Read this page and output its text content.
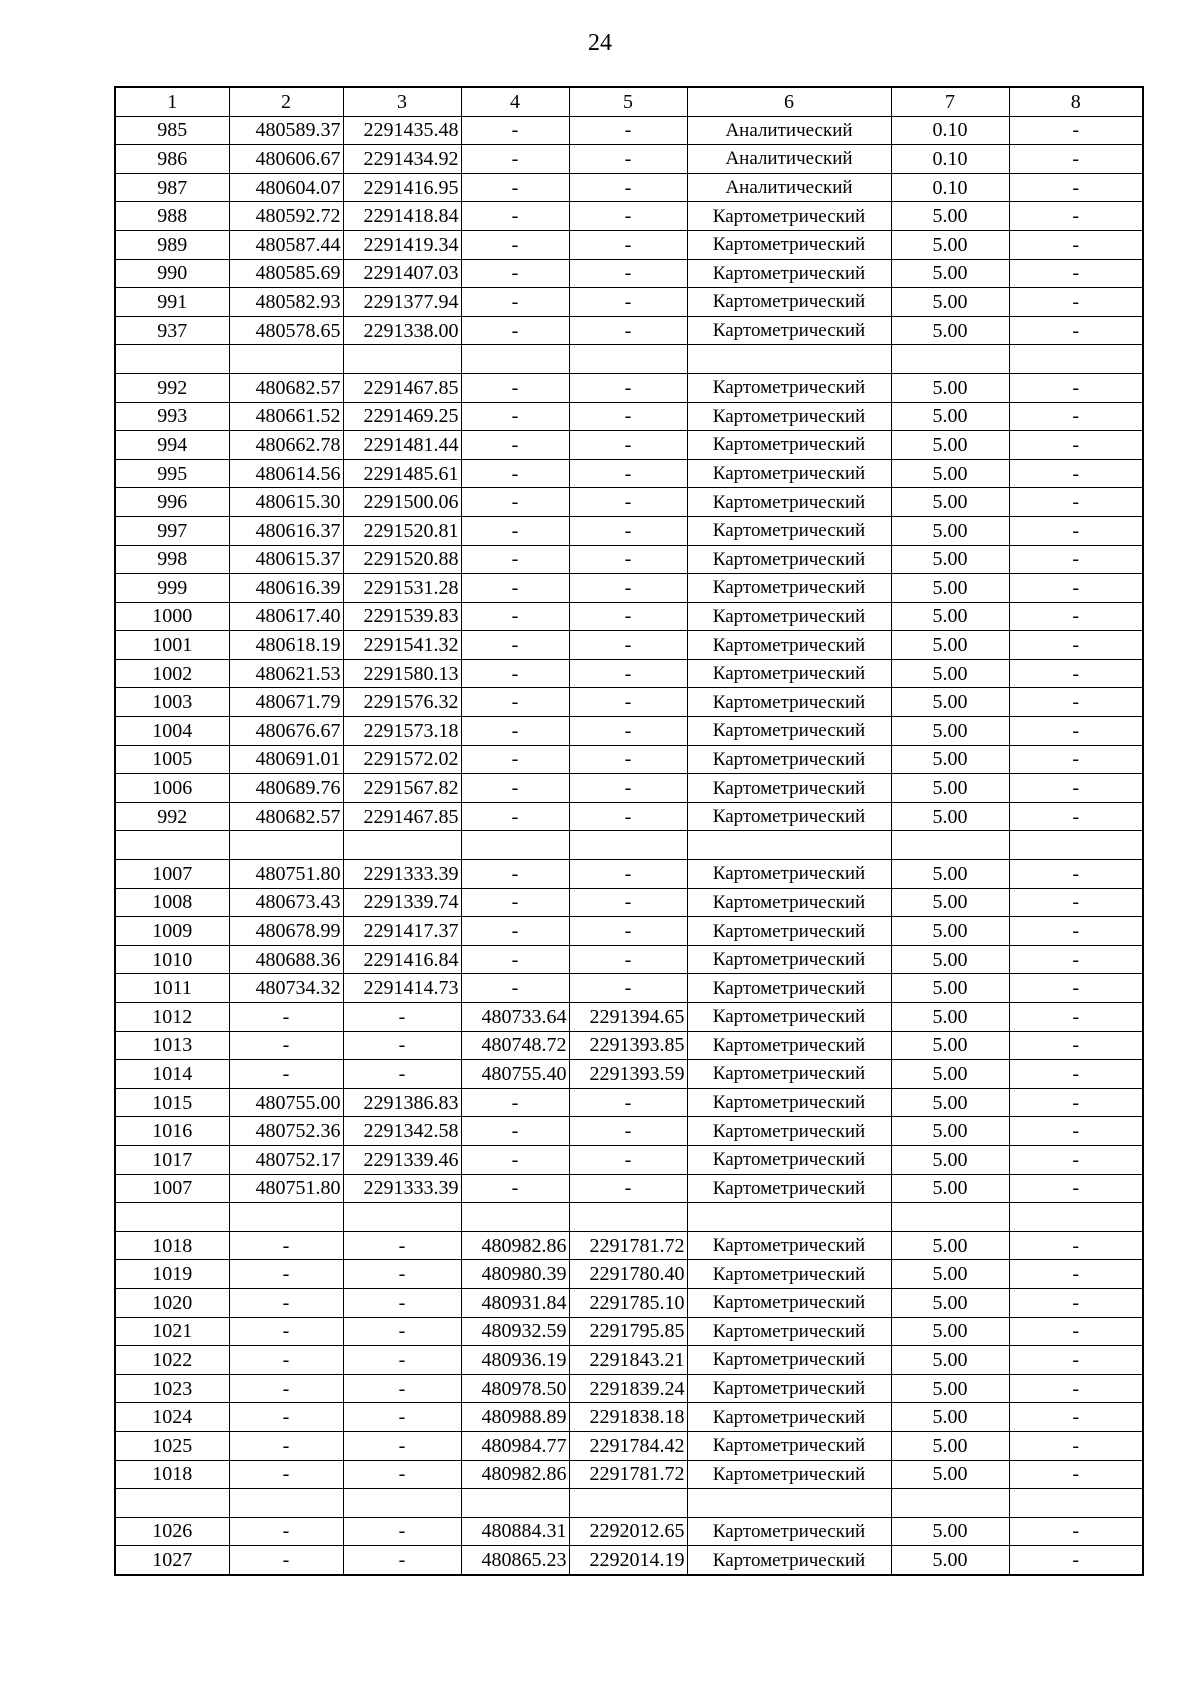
24
1	2	3	4	5	6	7	8
985	480589.37	2291435.48	-	-	Аналитический	0.10	-
986	480606.67	2291434.92	-	-	Аналитический	0.10	-
987	480604.07	2291416.95	-	-	Аналитический	0.10	-
988	480592.72	2291418.84	-	-	Картометрический	5.00	-
989	480587.44	2291419.34	-	-	Картометрический	5.00	-
990	480585.69	2291407.03	-	-	Картометрический	5.00	-
991	480582.93	2291377.94	-	-	Картометрический	5.00	-
937	480578.65	2291338.00	-	-	Картометрический	5.00	-

992	480682.57	2291467.85	-	-	Картометрический	5.00	-
993	480661.52	2291469.25	-	-	Картометрический	5.00	-
994	480662.78	2291481.44	-	-	Картометрический	5.00	-
995	480614.56	2291485.61	-	-	Картометрический	5.00	-
996	480615.30	2291500.06	-	-	Картометрический	5.00	-
997	480616.37	2291520.81	-	-	Картометрический	5.00	-
998	480615.37	2291520.88	-	-	Картометрический	5.00	-
999	480616.39	2291531.28	-	-	Картометрический	5.00	-
1000	480617.40	2291539.83	-	-	Картометрический	5.00	-
1001	480618.19	2291541.32	-	-	Картометрический	5.00	-
1002	480621.53	2291580.13	-	-	Картометрический	5.00	-
1003	480671.79	2291576.32	-	-	Картометрический	5.00	-
1004	480676.67	2291573.18	-	-	Картометрический	5.00	-
1005	480691.01	2291572.02	-	-	Картометрический	5.00	-
1006	480689.76	2291567.82	-	-	Картометрический	5.00	-
992	480682.57	2291467.85	-	-	Картометрический	5.00	-

1007	480751.80	2291333.39	-	-	Картометрический	5.00	-
1008	480673.43	2291339.74	-	-	Картометрический	5.00	-
1009	480678.99	2291417.37	-	-	Картометрический	5.00	-
1010	480688.36	2291416.84	-	-	Картометрический	5.00	-
1011	480734.32	2291414.73	-	-	Картометрический	5.00	-
1012	-	-	480733.64	2291394.65	Картометрический	5.00	-
1013	-	-	480748.72	2291393.85	Картометрический	5.00	-
1014	-	-	480755.40	2291393.59	Картометрический	5.00	-
1015	480755.00	2291386.83	-	-	Картометрический	5.00	-
1016	480752.36	2291342.58	-	-	Картометрический	5.00	-
1017	480752.17	2291339.46	-	-	Картометрический	5.00	-
1007	480751.80	2291333.39	-	-	Картометрический	5.00	-

1018	-	-	480982.86	2291781.72	Картометрический	5.00	-
1019	-	-	480980.39	2291780.40	Картометрический	5.00	-
1020	-	-	480931.84	2291785.10	Картометрический	5.00	-
1021	-	-	480932.59	2291795.85	Картометрический	5.00	-
1022	-	-	480936.19	2291843.21	Картометрический	5.00	-
1023	-	-	480978.50	2291839.24	Картометрический	5.00	-
1024	-	-	480988.89	2291838.18	Картометрический	5.00	-
1025	-	-	480984.77	2291784.42	Картометрический	5.00	-
1018	-	-	480982.86	2291781.72	Картометрический	5.00	-

1026	-	-	480884.31	2292012.65	Картометрический	5.00	-
1027	-	-	480865.23	2292014.19	Картометрический	5.00	-
